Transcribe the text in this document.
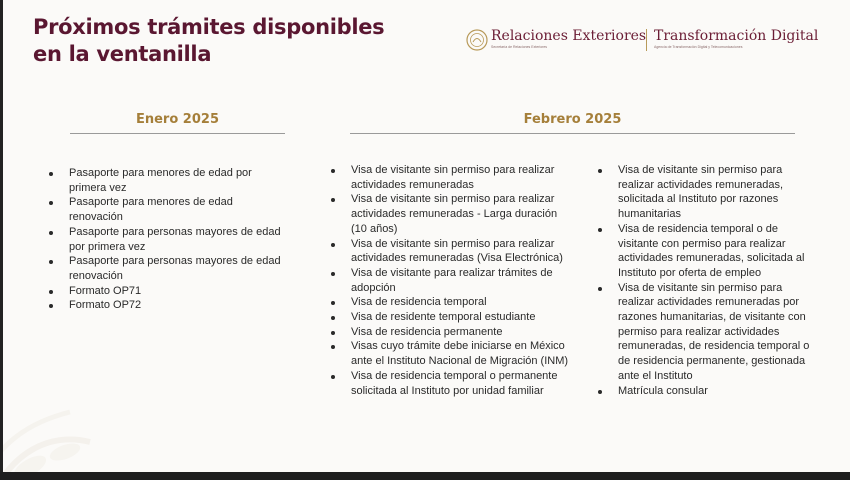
Próximos trámites disponibles en la ventanilla
Relaciones Exteriores
Secretaría de Relaciones Exteriores
Transformación Digital
Agencia de Transformación Digital y Telecomunicaciones
Enero 2025
Pasaporte para menores de edad por primera vez
Pasaporte para menores de edad renovación
Pasaporte para personas mayores de edad por primera vez
Pasaporte para personas mayores de edad renovación
Formato OP71
Formato OP72
Febrero 2025
Visa de visitante sin permiso para realizar actividades remuneradas
Visa de visitante sin permiso para realizar actividades remuneradas - Larga duración (10 años)
Visa de visitante sin permiso para realizar actividades remuneradas (Visa Electrónica)
Visa de visitante para realizar trámites de adopción
Visa de residencia temporal
Visa de residente temporal estudiante
Visa de residencia permanente
Visas cuyo trámite debe iniciarse en México ante el Instituto Nacional de Migración (INM)
Visa de residencia temporal o permanente solicitada al Instituto por unidad familiar
Visa de visitante sin permiso para realizar actividades remuneradas, solicitada al Instituto por razones humanitarias
Visa de residencia temporal o de visitante con permiso para realizar actividades remuneradas, solicitada al Instituto por oferta de empleo
Visa de visitante sin permiso para realizar actividades remuneradas por razones humanitarias, de visitante con permiso para realizar actividades remuneradas, de residencia temporal o de residencia permanente, gestionada ante el Instituto
Matrícula consular
